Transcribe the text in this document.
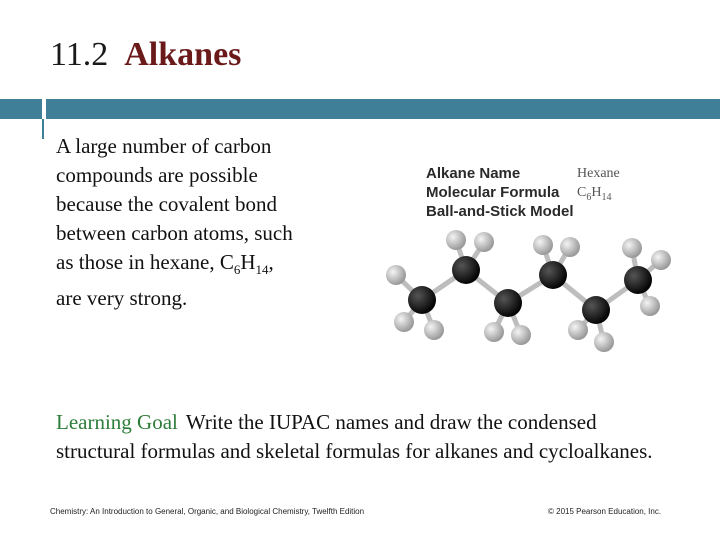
11.2 Alkanes
A large number of carbon compounds are possible because the covalent bond between carbon atoms, such as those in hexane, $C_6H_{14}$, are very strong.
Alkane Name
Molecular Formula
Ball-and-Stick Model
Hexane
$C_6H_{14}$
Learning Goal Write the IUPAC names and draw the condensed structural formulas and skeletal formulas for alkanes and cycloalkanes.
Chemistry: An Introduction to General, Organic, and Biological Chemistry, Twelfth Edition	© 2015 Pearson Education, Inc.
